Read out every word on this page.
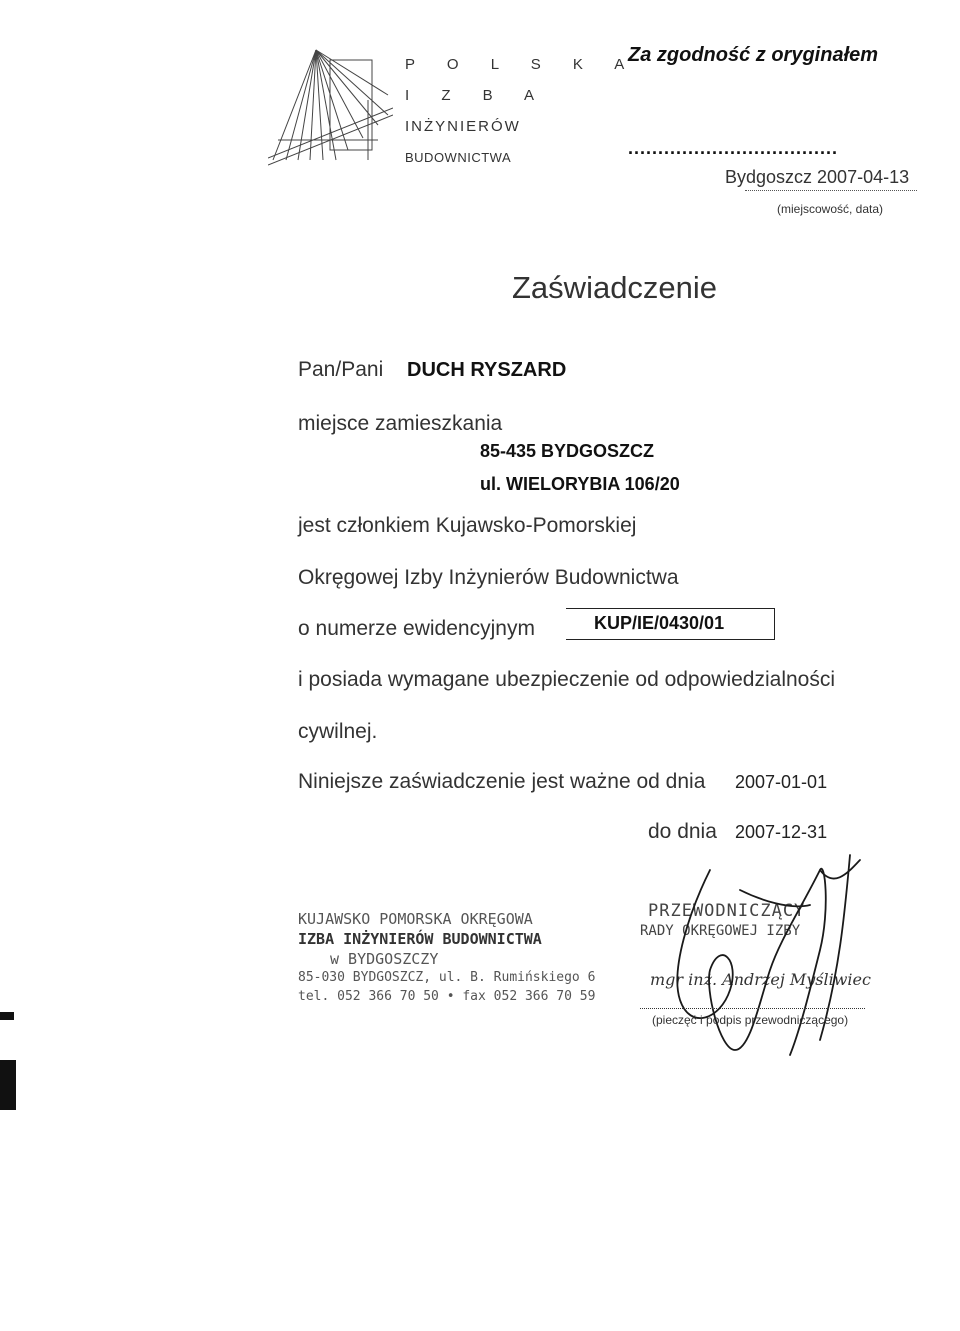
P O L S K A
I Z B A
INŻYNIERÓW
BUDOWNICTWA
Za zgodność z oryginałem
...................................
Bydgoszcz 2007-04-13
(miejscowość, data)
Zaświadczenie
Pan/Pani DUCH RYSZARD
miejsce zamieszkania
85-435 BYDGOSZCZ
ul. WIELORYBIA 106/20
jest członkiem Kujawsko-Pomorskiej
Okręgowej Izby Inżynierów Budownictwa
o numerze ewidencyjnym	KUP/IE/0430/01
i posiada wymagane ubezpieczenie od odpowiedzialności
cywilnej.
Niniejsze zaświadczenie jest ważne od dnia 2007-01-01
do dnia 2007-12-31
KUJAWSKO POMORSKA OKRĘGOWA
IZBA INŻYNIERÓW BUDOWNICTWA
w BYDGOSZCZY
85-030 BYDGOSZCZ, ul. B. Rumińskiego 6
tel. 052 366 70 50 • fax 052 366 70 59
PRZEWODNICZĄCY
RADY OKRĘGOWEJ IZBY
mgr inż. Andrzej Myśliwiec
(pieczęć i podpis przewodniczącego)
